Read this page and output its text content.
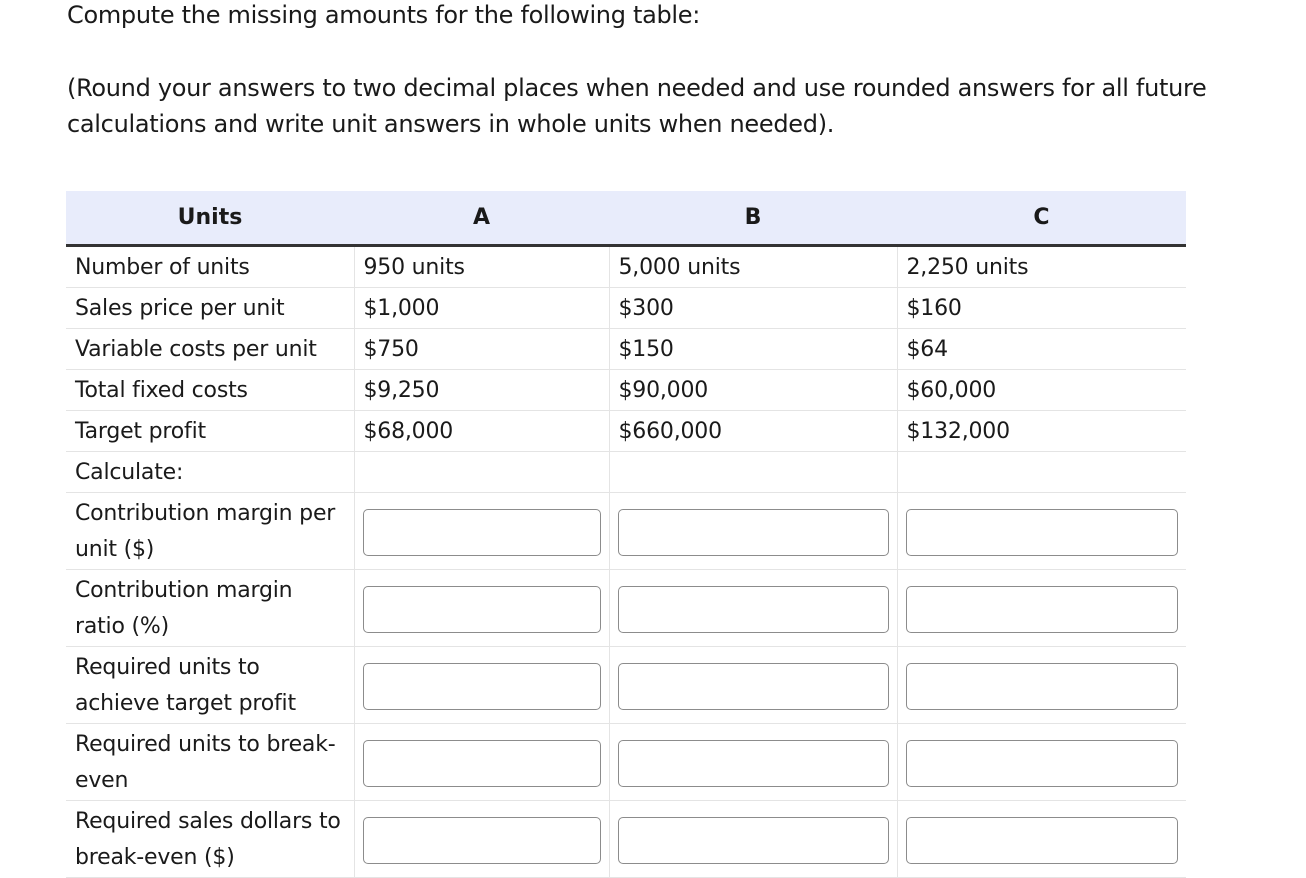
Compute the missing amounts for the following table:
(Round your answers to two decimal places when needed and use rounded answers for all future calculations and write unit answers in whole units when needed).
Units	A	B	C
Number of units	950 units	5,000 units	2,250 units
Sales price per unit	$1,000	$300	$160
Variable costs per unit	$750	$150	$64
Total fixed costs	$9,250	$90,000	$60,000
Target profit	$68,000	$660,000	$132,000
Calculate:			
Contribution margin per unit ($)	

Contribution margin ratio (%)	

Required units to achieve target profit	

Required units to break-even	

Required sales dollars to break-even ($)	
